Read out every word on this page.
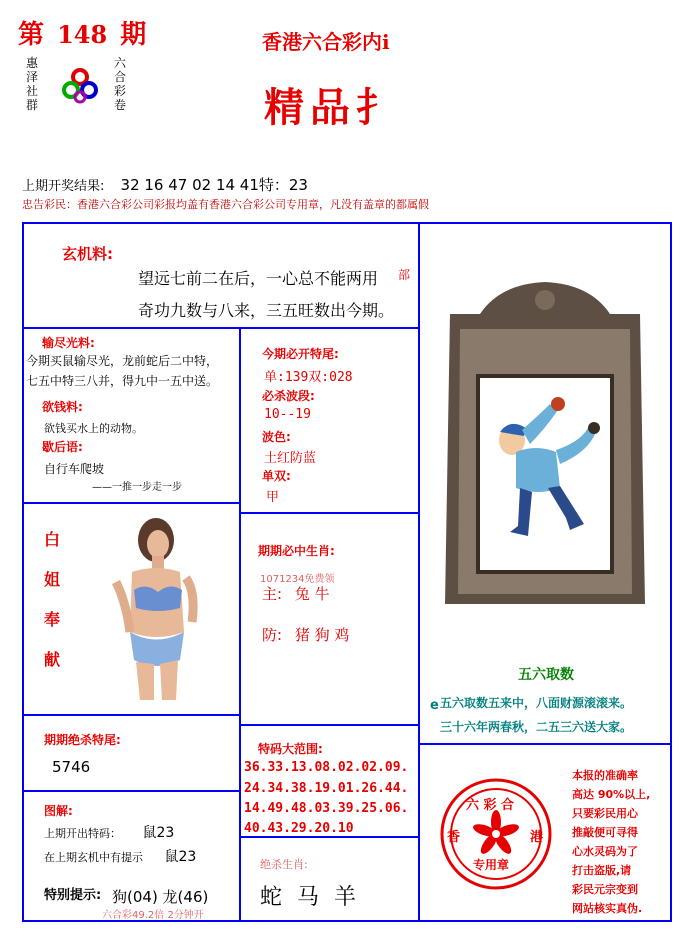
第 148 期
惠
泽
社
群
六
合
彩
卷
香港六合彩内i
精品扌
上期开奖结果: 32 16 47 02 14 41特：23
忠告彩民：香港六合彩公司彩报均盖有香港六合彩公司专用章，凡没有盖章的都属假
玄机料:
望远七前二在后，一心总不能两用 部
奇功九数与八来，三五旺数出今期。
输尽光料:
今期买鼠输尽光，龙前蛇后二中特，
七五中特三八并，得九中一五中送。
欲钱料:
欲钱买水上的动物。
歇后语:
自行车爬坡
——一推一步走一步
今期必开特尾:
单:139双:028
必杀波段:
10--19
波色:
土红防蓝
单双:
甲
白
姐
奉
献
期期必中生肖:
1071234免费领
主: 兔 牛
防: 猪 狗 鸡
五六取数
e 五六取数五来中，八面财源滚滚来。
三十六年两春秋，二五三六送大家。
期期绝杀特尾:
5746
特码大范围:
36.33.13.08.02.02.09.
24.34.38.19.01.26.44.
14.49.48.03.39.25.06.
40.43.29.20.10
图解:
上期开出特码： 鼠23
在上期玄机中有提示 鼠23
特别提示: 狗(04) 龙(46)
六合彩49.2倍 2分钟开
绝杀生肖:
蛇 马 羊
六 彩 合
香	港
专用章
本报的准确率
高达 90%以上,
只要彩民用心
推敲便可寻得
心水灵码为了
打击盗版,请
彩民元宗变到
网站核实真伪.
